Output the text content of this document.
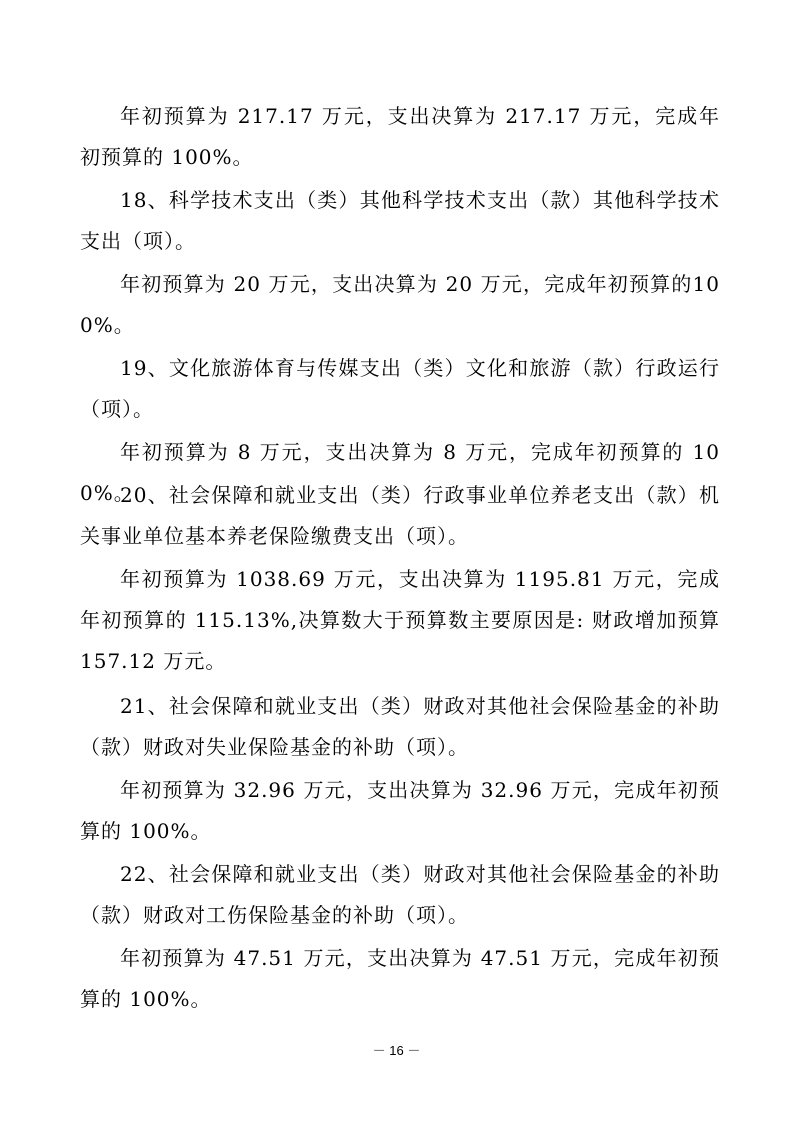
年初预算为 217.17 万元，支出决算为 217.17 万元，完成年初预算的 100%。

18、科学技术支出（类）其他科学技术支出（款）其他科学技术支出（项）。

年初预算为 20 万元，支出决算为 20 万元，完成年初预算的100%。

19、文化旅游体育与传媒支出（类）文化和旅游（款）行政运行（项）。

年初预算为 8 万元，支出决算为 8 万元，完成年初预算的 100%。

20、社会保障和就业支出（类）行政事业单位养老支出（款）机关事业单位基本养老保险缴费支出（项）。

年初预算为 1038.69 万元，支出决算为 1195.81 万元，完成年初预算的 115.13%,决算数大于预算数主要原因是: 财政增加预算 157.12 万元。

21、社会保障和就业支出（类）财政对其他社会保险基金的补助（款）财政对失业保险基金的补助（项）。

年初预算为 32.96 万元，支出决算为 32.96 万元，完成年初预算的 100%。

22、社会保障和就业支出（类）财政对其他社会保险基金的补助（款）财政对工伤保险基金的补助（项）。

年初预算为 47.51 万元，支出决算为 47.51 万元，完成年初预算的 100%。

－ 16 －
